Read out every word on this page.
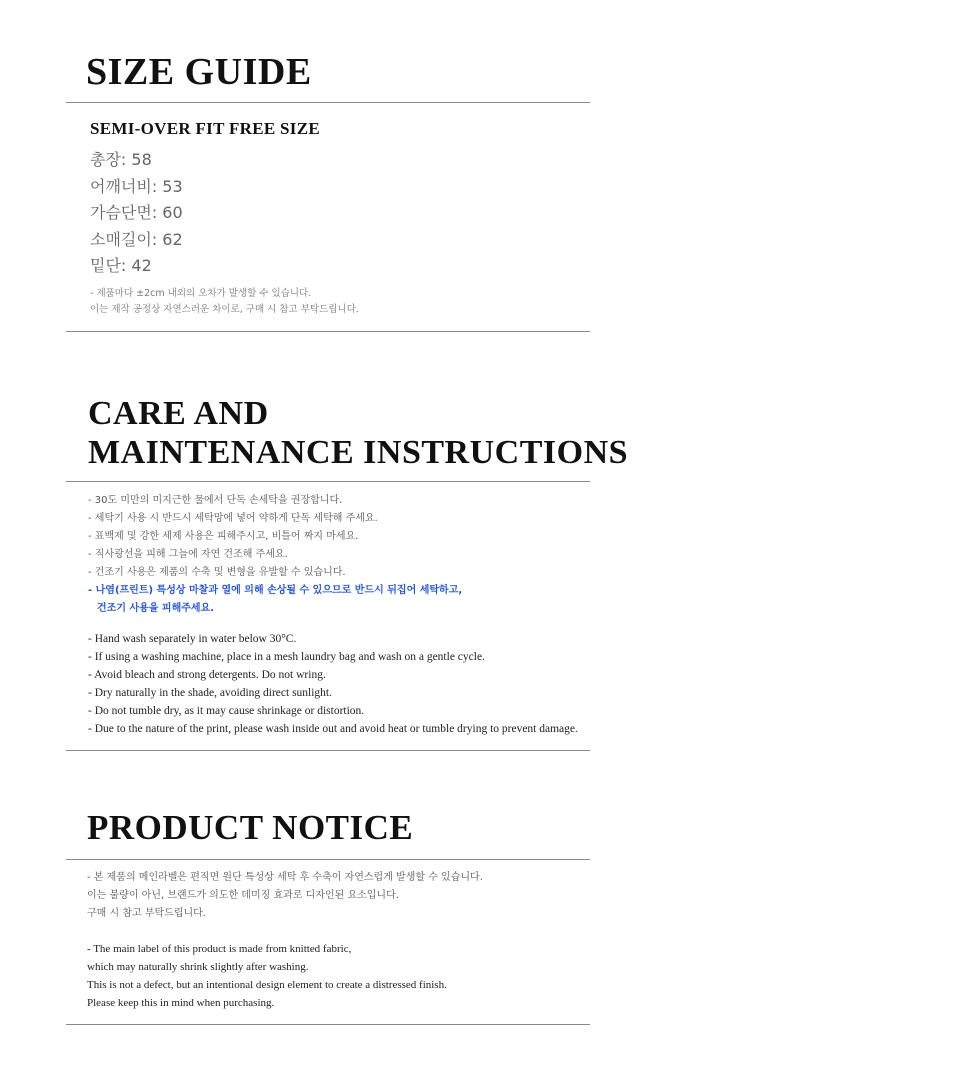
SIZE GUIDE
SEMI-OVER FIT FREE SIZE
총장: 58
어깨너비: 53
가슴단면: 60
소매길이: 62
밑단: 42

- 제품마다 ±2cm 내외의 오차가 발생할 수 있습니다.

이는 제작 공정상 자연스러운 차이로, 구매 시 참고 부탁드립니다.

CARE AND
MAINTENANCE INSTRUCTIONS

- 30도 미만의 미지근한 물에서 단독 손세탁을 권장합니다.

- 세탁기 사용 시 반드시 세탁망에 넣어 약하게 단독 세탁해 주세요.

- 표백제 및 강한 세제 사용은 피해주시고, 비틀어 짜지 마세요.

- 직사광선을 피해 그늘에 자연 건조해 주세요.

- 건조기 사용은 제품의 수축 및 변형을 유발할 수 있습니다.

- 나염(프린트) 특성상 마찰과 열에 의해 손상될 수 있으므로 반드시 뒤집어 세탁하고,

건조기 사용을 피해주세요.

- Hand wash separately in water below 30°C.

- If using a washing machine, place in a mesh laundry bag and wash on a gentle cycle.

- Avoid bleach and strong detergents. Do not wring.

- Dry naturally in the shade, avoiding direct sunlight.

- Do not tumble dry, as it may cause shrinkage or distortion.

- Due to the nature of the print, please wash inside out and avoid heat or tumble drying to prevent damage.

PRODUCT NOTICE

- 본 제품의 메인라벨은 편직면 원단 특성상 세탁 후 수축이 자연스럽게 발생할 수 있습니다.

이는 불량이 아닌, 브랜드가 의도한 데미징 효과로 디자인된 요소입니다.

구매 시 참고 부탁드립니다.

- The main label of this product is made from knitted fabric,

which may naturally shrink slightly after washing.

This is not a defect, but an intentional design element to create a distressed finish.

Please keep this in mind when purchasing.
